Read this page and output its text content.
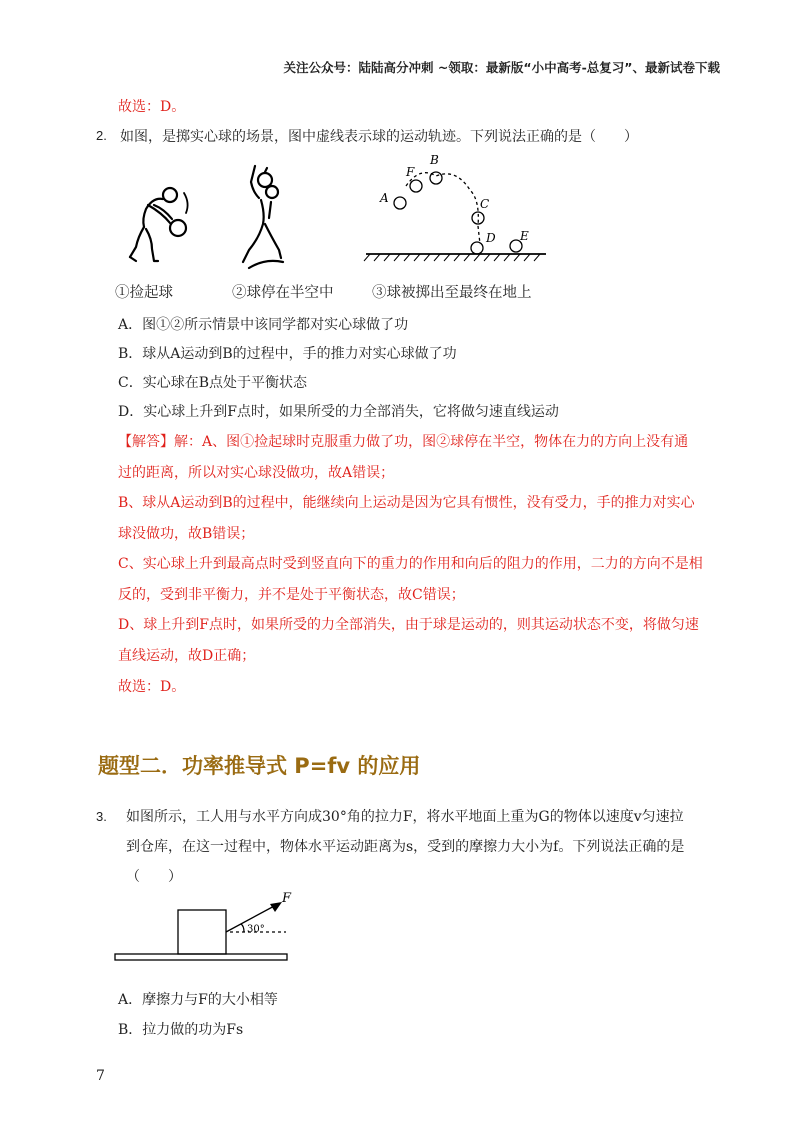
关注公众号：陆陆高分冲刺 ~领取：最新版“小中高考-总复习”、最新试卷下载
故选：D。
2. 如图，是掷实心球的场景，图中虚线表示球的运动轨迹。下列说法正确的是（　　）
A
F
B
C
D E
①捡起球	②球停在半空中	③球被掷出至最终在地上
A．图①②所示情景中该同学都对实心球做了功
B．球从A运动到B的过程中，手的推力对实心球做了功
C．实心球在B点处于平衡状态
D．实心球上升到F点时，如果所受的力全部消失，它将做匀速直线运动
【解答】解：A、图①捡起球时克服重力做了功，图②球停在半空，物体在力的方向上没有通
过的距离，所以对实心球没做功，故A错误；
B、球从A运动到B的过程中，能继续向上运动是因为它具有惯性，没有受力，手的推力对实心
球没做功，故B错误；
C、实心球上升到最高点时受到竖直向下的重力的作用和向后的阻力的作用，二力的方向不是相
反的，受到非平衡力，并不是处于平衡状态，故C错误；
D、球上升到F点时，如果所受的力全部消失，由于球是运动的，则其运动状态不变，将做匀速
直线运动，故D正确；
故选：D。
题型二．功率推导式 P=fv 的应用
3. 如图所示，工人用与水平方向成30°角的拉力F，将水平地面上重为G的物体以速度v匀速拉
到仓库，在这一过程中，物体水平运动距离为s，受到的摩擦力大小为f。下列说法正确的是
（　　）
F
30°
A．摩擦力与F的大小相等
B．拉力做的功为Fs
7
